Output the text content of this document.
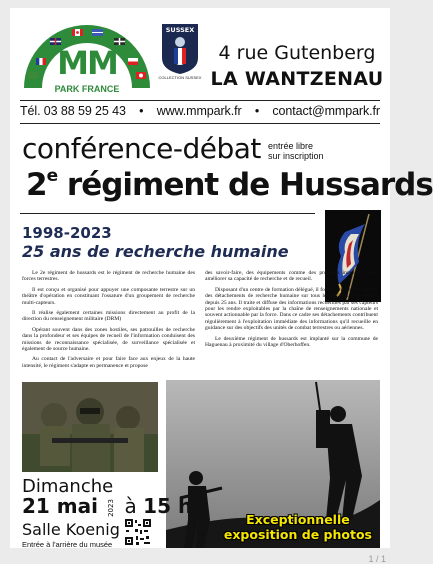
MM
PARK FRANCE
SUSSEX
COLLECTION SUSSEX
4 rue Gutenberg
LA WANTZENAU
Tél. 03 88 59 25 43 • www.mmpark.fr • contact@mmpark.fr
conférence-débat entrée libre
sur inscription
2e régiment de Hussards
1998-2023
25 ans de recherche humaine

Le 2e régiment de hussards est le régiment de recherche humaine des forces terrestres.

Il est conçu et organisé pour appuyer une composante terrestre sur un théâtre d'opération en constituant l'ossature d'un groupement de recherche multi-capteurs.

Il réalise également certaines missions directement au profit de la direction du renseignement militaire (DRM)

Opérant souvent dans des zones hostiles, ses patrouilles de recherche dans la profondeur et ses équipes de recueil de l'information conduisent des missions de reconnaissance spécialisée, de surveillance spécialisée et également de source humaine.

Au contact de l'adversaire et pour faire face aux enjeux de la haute intensité, le régiment s'adapte en permanence et propose

des savoir-faire, des équipements comme des procédés innovants pour améliorer sa capacité de recherche et de recueil.

Disposant d'un centre de formation délégué, il forme, entraîne et déploie des détachements de recherche humaine sur tous les théâtres d'opérations depuis 25 ans. Il traite et diffuse des informations recueillies par ses capteurs pour les rendre exploitables par la chaîne de renseignements nationale et souvent actionnable par la force. Dans ce cadre ses détachements contribuent régulièrement à l'exploitation immédiate des informations qu'il recueille en guidance sur des objectifs des unités de combat terrestres ou aériennes.

Le deuxième régiment de hussards est implanté sur la commune de Haguenau à proximité du village d'Oberhoffen.

Exceptionnelle
exposition de photos
Dimanche
21 mai 2023 à 15 h
Salle Koenig
Entrée à l'arrière du musée
1 / 1
